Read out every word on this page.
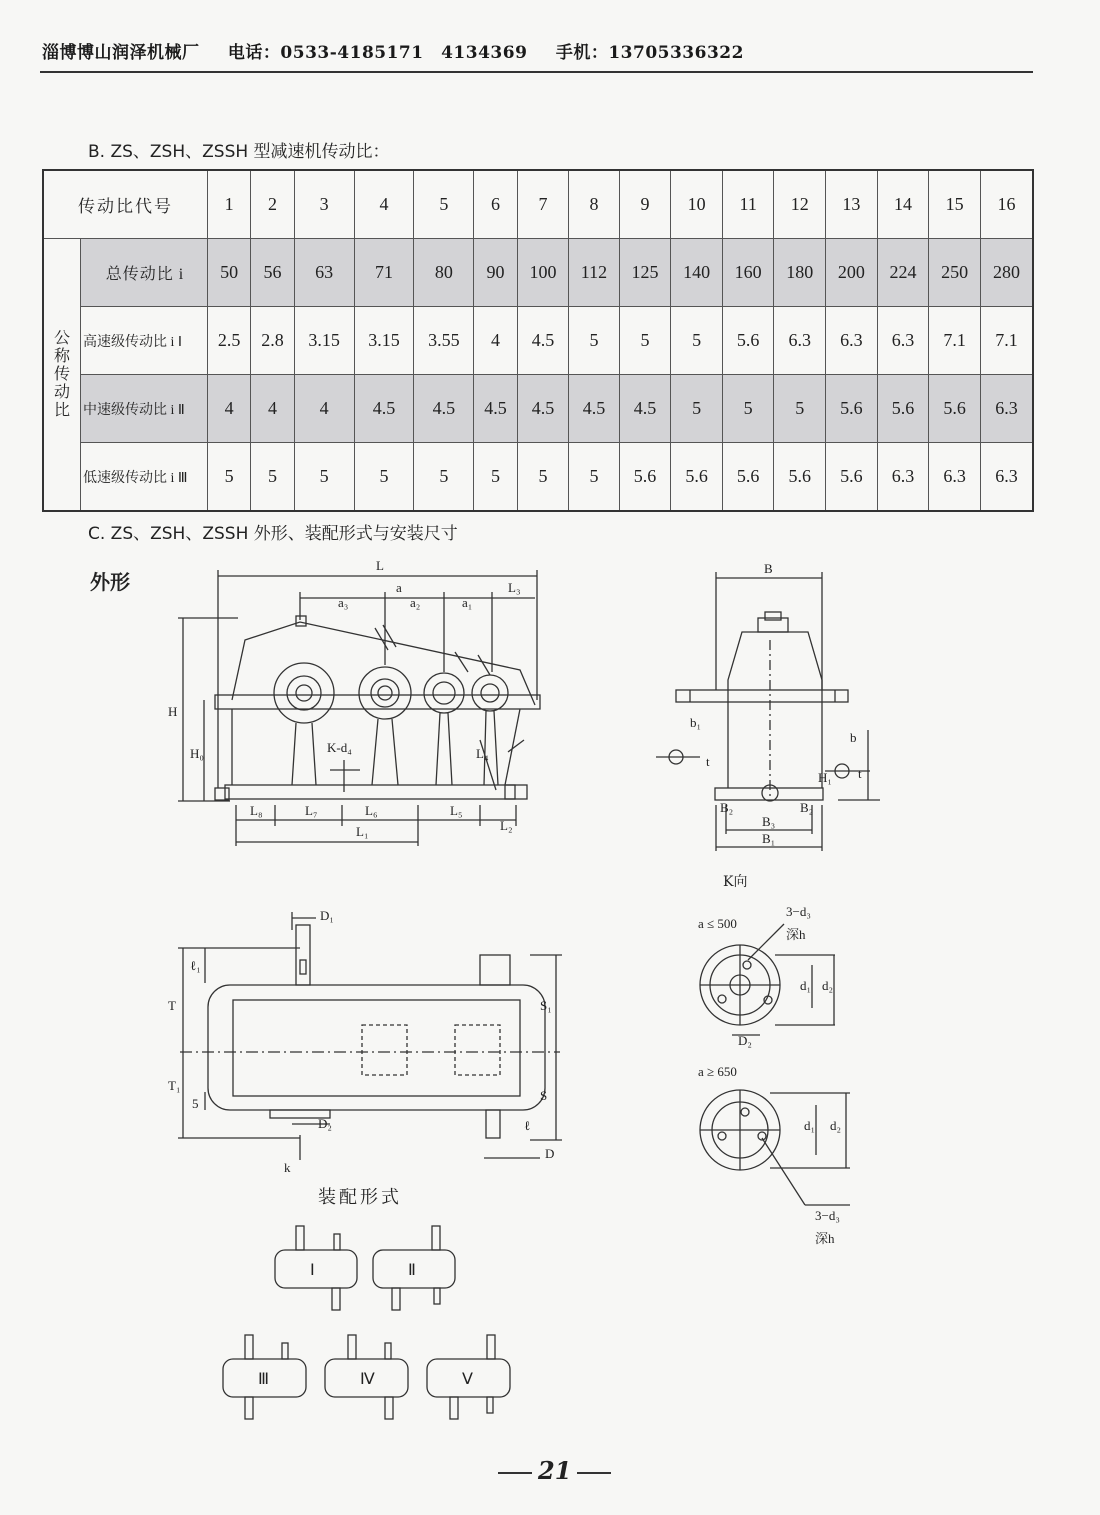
淄博博山润泽机械厂 电话：0533-4185171　4134369 手机：13705336322
B. ZS、ZSH、ZSSH 型减速机传动比：
传动比代号		1	2	3	4	5	6	7	8	9	10	11	12	13	14	15	16

公称传动比	总传动比 i	50	56	63	71	80	90	100	112	125	140	160	180	200	224	250	280
	高速级传动比 i Ⅰ	2.5	2.8	3.15	3.15	3.55	4	4.5	5	5	5	5.6	6.3	6.3	6.3	7.1	7.1
	中速级传动比 i Ⅱ	4	4	4	4.5	4.5	4.5	4.5	4.5	4.5	5	5	5	5.6	5.6	5.6	6.3
	低速级传动比 i Ⅲ	5	5	5	5	5	5	5	5	5.6	5.6	5.6	5.6	5.6	6.3	6.3	6.3
C. ZS、ZSH、ZSSH 外形、装配形式与安装尺寸
外形
L
a
a₃	a₂	a₁
L₃
H
H₀	K-d₄	L₄
L₈	L₇	L₆	L₅
L₁	L₂
B
b₁
b
t
t
H₁
B₂	B₂
B₃
B₁
D₁
ℓ₁
T
T₁
5
S₁
S
D₂	ℓ
D
k
a ≤ 500
3−d₃
深h
d₁ d₂
D₂
a ≥ 650
d₁ d₂
3−d₃
深h
Ⅰ	Ⅱ
Ⅲ	Ⅳ	Ⅴ
K向
装配形式
21
